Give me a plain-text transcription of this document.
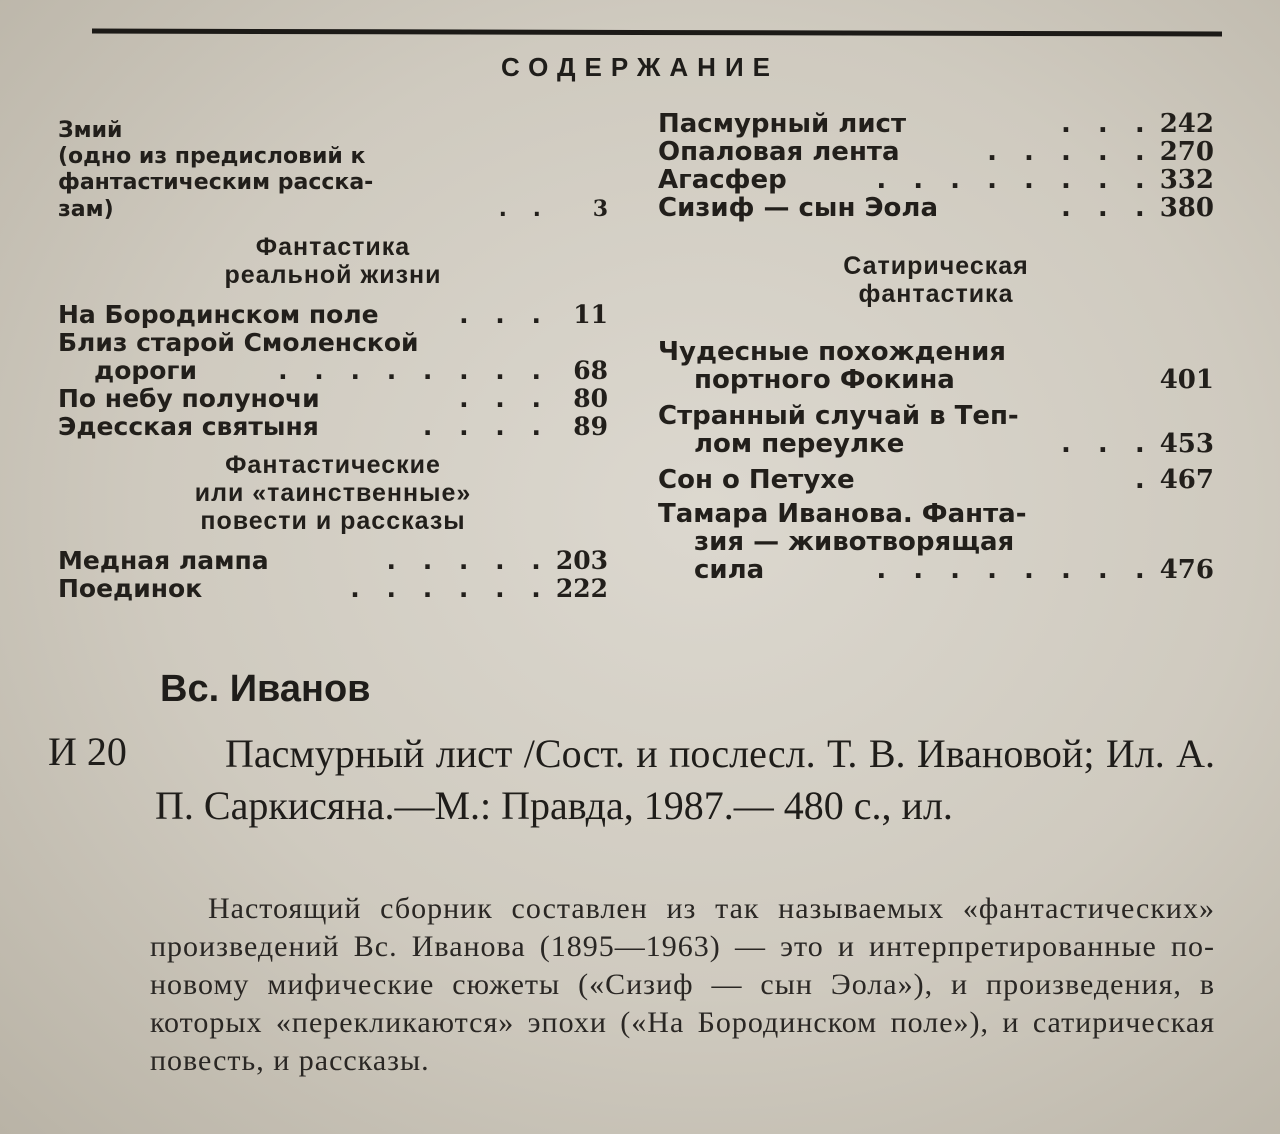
СОДЕРЖАНИЕ
Змий
(одно из предисловий к
фантастическим расска-
зам)	. .	3
Фантастика
реальной жизни
На Бородинском поле	. . . 11
Близ старой Смоленской
дороги	. . . . . . . . 68
По небу полуночи	. . . 80
Эдесская святыня	. . . . 89
Фантастические
или «таинственные»
повести и рассказы
Медная лампа	. . . . . 203
Поединок	. . . . . . 222
Пасмурный лист	. . . 242
Опаловая лента	. . . . . 270
Агасфер	. . . . . . . . 332
Сизиф — сын Эола	. . . 380
Сатирическая
фантастика
Чудесные похождения
портного Фокина	401
Странный случай в Теп-
лом переулке	. . . 453
Сон о Петухе	. 467
Тамара Иванова. Фанта-
зия — животворящая
сила	. . . . . . . . 476
Вс. Иванов
И 20	Пасмурный лист /Сост. и послесл. Т. В. Ивановой; Ил. А. П. Саркисяна.—М.: Правда, 1987.— 480 с., ил.
Настоящий сборник составлен из так называемых «фантастических» произведений Вс. Иванова (1895—1963) — это и интерпретированные по-новому мифические сюжеты («Сизиф — сын Эола»), и произведения, в которых «перекликаются» эпохи («На Бородинском поле»), и сатирическая повесть, и рассказы.
